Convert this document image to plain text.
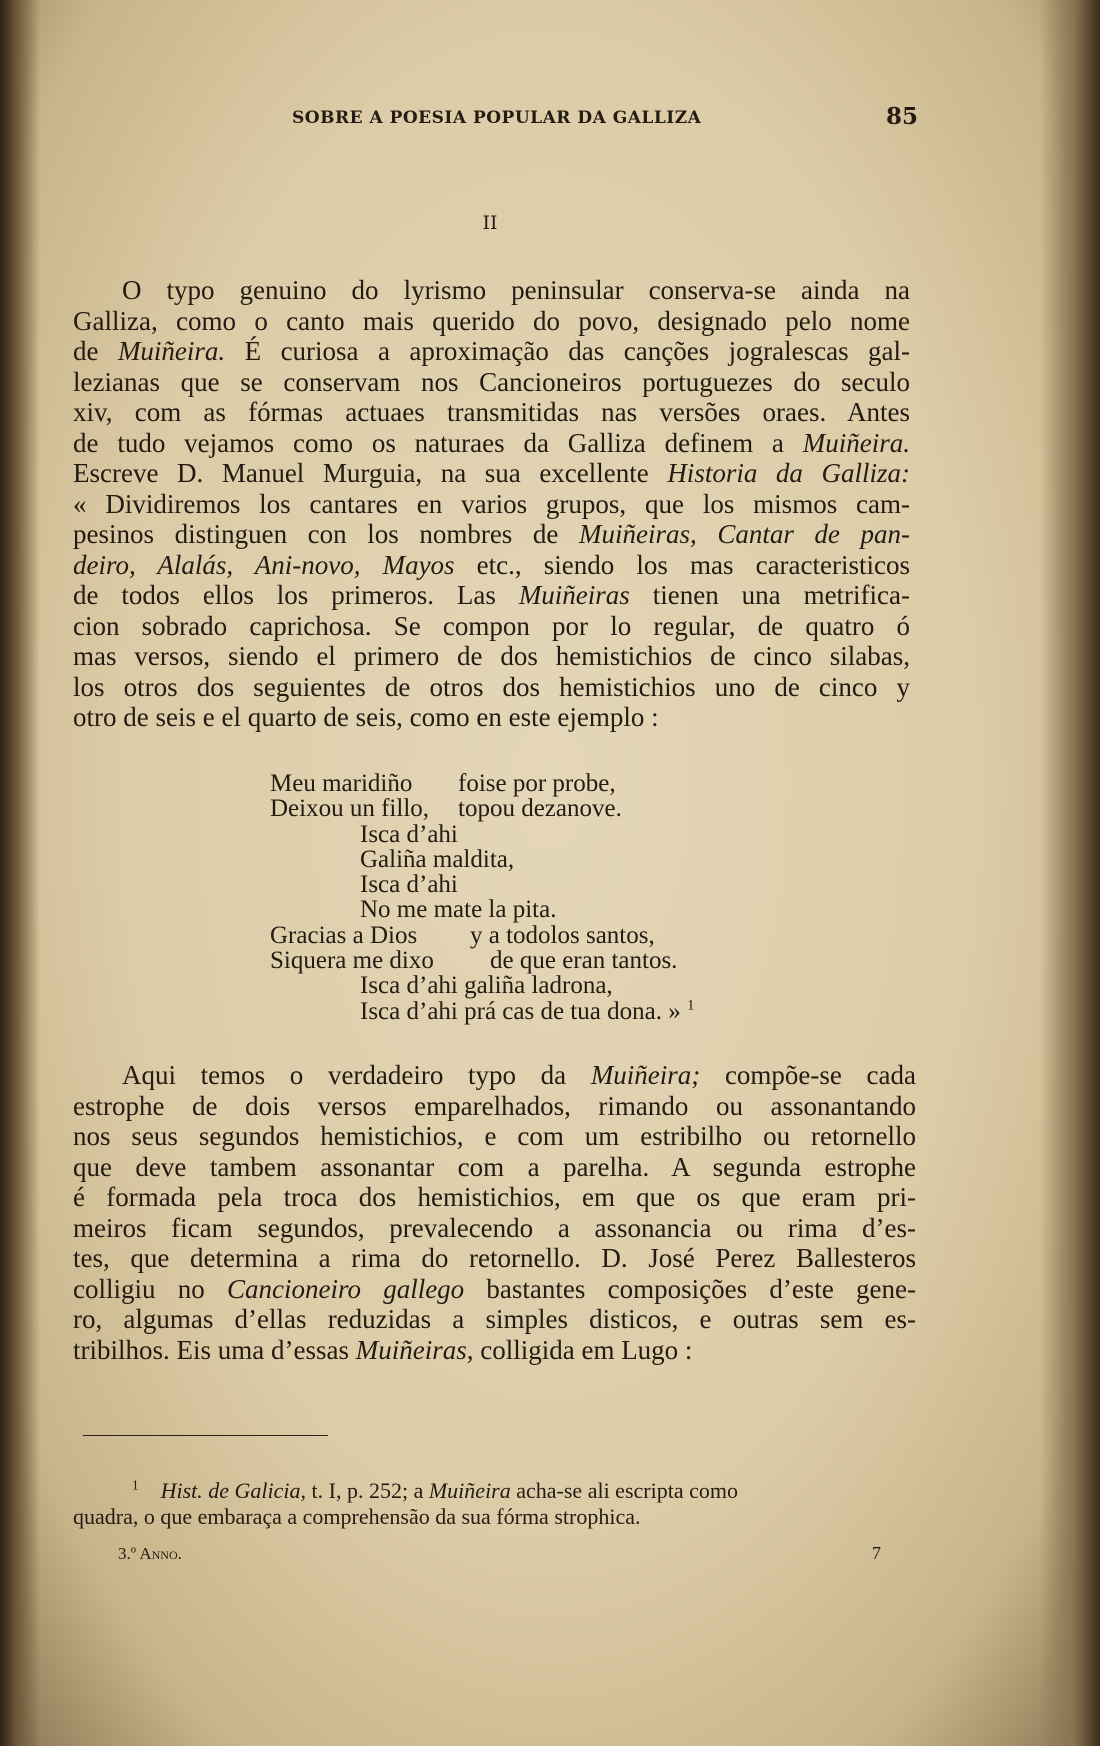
SOBRE A POESIA POPULAR DA GALLIZA	85
II
O typo genuino do lyrismo peninsular conserva-se ainda na
Galliza, como o canto mais querido do povo, designado pelo nome
de Muiñeira. É curiosa a aproximação das canções jogralescas gal-
lezianas que se conservam nos Cancioneiros portuguezes do seculo
xiv, com as fórmas actuaes transmitidas nas versões oraes. Antes
de tudo vejamos como os naturaes da Galliza definem a Muiñeira.
Escreve D. Manuel Murguia, na sua excellente Historia da Galliza:
« Dividiremos los cantares en varios grupos, que los mismos cam-
pesinos distinguen con los nombres de Muiñeiras, Cantar de pan-
deiro, Alalás, Ani-novo, Mayos etc., siendo los mas caracteristicos
de todos ellos los primeros. Las Muiñeiras tienen una metrifica-
cion sobrado caprichosa. Se compon por lo regular, de quatro ó
mas versos, siendo el primero de dos hemistichios de cinco silabas,
los otros dos seguientes de otros dos hemistichios uno de cinco y
otro de seis e el quarto de seis, como en este ejemplo :
Meu maridiño foise por probe,
Deixou un fillo, topou dezanove.
Isca d’ahi
Galiña maldita,
Isca d’ahi
No me mate la pita.
Gracias a Dios y a todolos santos,
Siquera me dixo de que eran tantos.
Isca d’ahi galiña ladrona,
Isca d’ahi prá cas de tua dona. » $^1$
Aqui temos o verdadeiro typo da Muiñeira; compõe-se cada
estrophe de dois versos emparelhados, rimando ou assonantando
nos seus segundos hemistichios, e com um estribilho ou retornello
que deve tambem assonantar com a parelha. A segunda estrophe
é formada pela troca dos hemistichios, em que os que eram pri-
meiros ficam segundos, prevalecendo a assonancia ou rima d’es-
tes, que determina a rima do retornello. D. José Perez Ballesteros
colligiu no Cancioneiro gallego bastantes composições d’este gene-
ro, algumas d’ellas reduzidas a simples disticos, e outras sem es-
tribilhos. Eis uma d’essas Muiñeiras, colligida em Lugo :
$^1$ Hist. de Galicia, t. I, p. 252; a Muiñeira acha-se ali escripta como
quadra, o que embaraça a comprehensão da sua fórma strophica.
3.º Anno.	7
